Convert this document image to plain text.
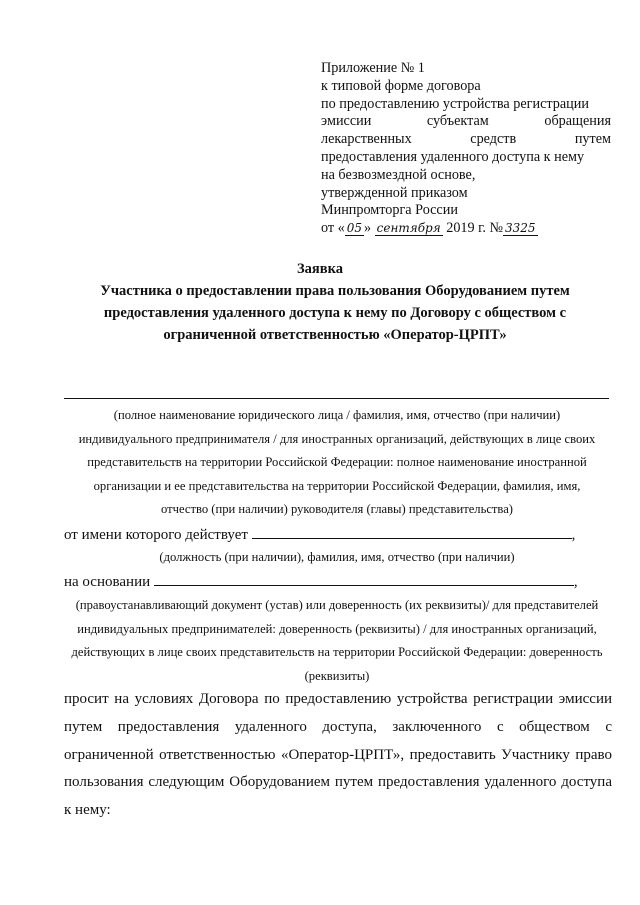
Приложение № 1
к типовой форме договора
по предоставлению устройства регистрации
эмиссии	субъектам	обращения
лекарственных	средств	путем
предоставления удаленного доступа к нему
на безвозмездной основе,
утвержденной приказом
Минпромторга России
от « 05 » сентября 2019 г. № 3325
Заявка
Участника о предоставлении права пользования Оборудованием путем
предоставления удаленного доступа к нему по Договору с обществом с
ограниченной ответственностью «Оператор-ЦРПТ»
(полное наименование юридического лица / фамилия, имя, отчество (при наличии)
индивидуального предпринимателя / для иностранных организаций, действующих в лице своих
представительств на территории Российской Федерации: полное наименование иностранной
организации и ее представительства на территории Российской Федерации, фамилия, имя,
отчество (при наличии) руководителя (главы) представительства)
от имени которого действует	,
(должность (при наличии), фамилия, имя, отчество (при наличии)
на основании	,
(правоустанавливающий документ (устав) или доверенность (их реквизиты)/ для представителей
индивидуальных предпринимателей: доверенность (реквизиты) / для иностранных организаций,
действующих в лице своих представительств на территории Российской Федерации: доверенность
(реквизиты)
просит на условиях Договора по предоставлению устройства регистрации эмиссии
путем предоставления удаленного доступа, заключенного с обществом с
ограниченной ответственностью «Оператор-ЦРПТ», предоставить Участнику право
пользования следующим Оборудованием путем предоставления удаленного доступа
к нему:
